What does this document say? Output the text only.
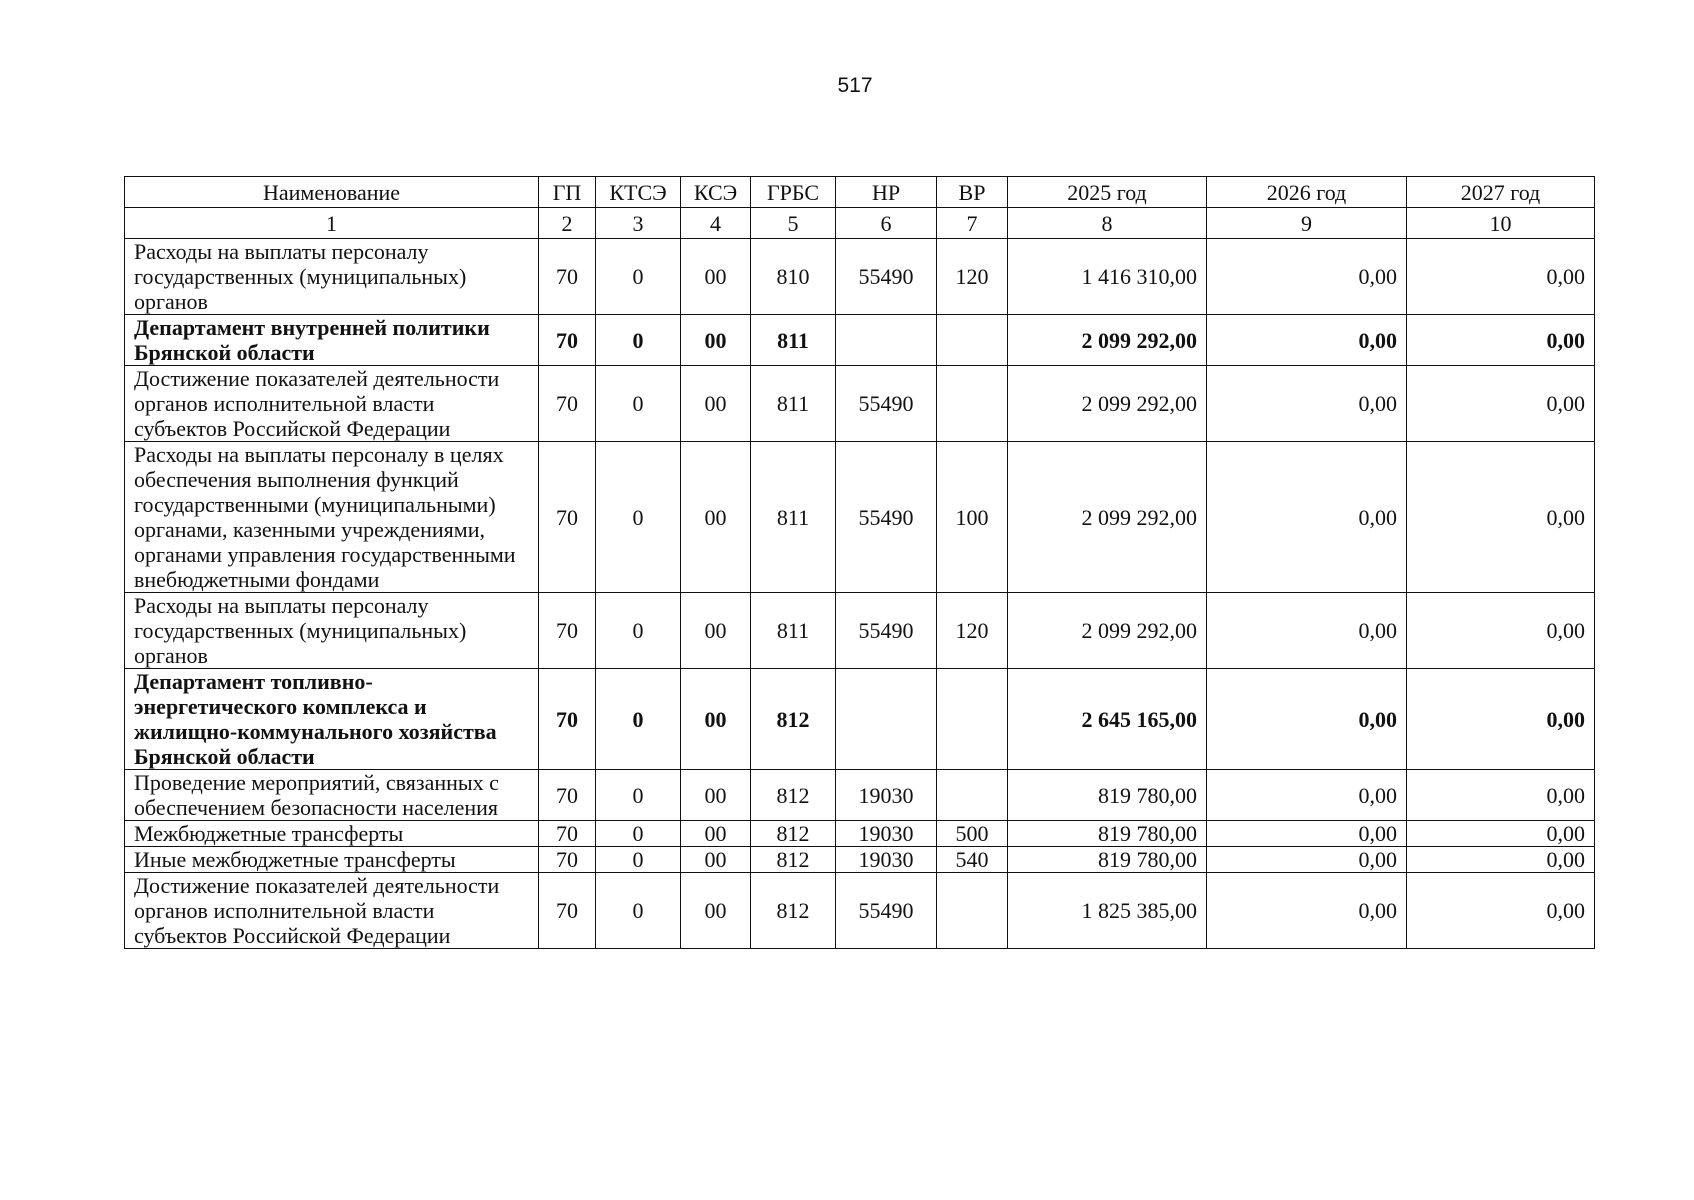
517
Наименование	ГП	КТСЭ	КСЭ	ГРБС	НР	ВР	2025 год	2026 год	2027 год
1	2	3	4	5	6	7	8	9	10
Расходы на выплаты персоналу государственных (муниципальных) органов	70	0	00	810	55490	120	1 416 310,00	0,00	0,00
Департамент внутренней политики Брянской области	70	0	00	811			2 099 292,00	0,00	0,00
Достижение показателей деятельности органов исполнительной власти субъектов Российской Федерации	70	0	00	811	55490		2 099 292,00	0,00	0,00
Расходы на выплаты персоналу в целях обеспечения выполнения функций государственными (муниципальными) органами, казенными учреждениями, органами управления государственными внебюджетными фондами	70	0	00	811	55490	100	2 099 292,00	0,00	0,00
Расходы на выплаты персоналу государственных (муниципальных) органов	70	0	00	811	55490	120	2 099 292,00	0,00	0,00
Департамент топливно-энергетического комплекса и жилищно-коммунального хозяйства Брянской области	70	0	00	812			2 645 165,00	0,00	0,00
Проведение мероприятий, связанных с обеспечением безопасности населения	70	0	00	812	19030		819 780,00	0,00	0,00
Межбюджетные трансферты	70	0	00	812	19030	500	819 780,00	0,00	0,00
Иные межбюджетные трансферты	70	0	00	812	19030	540	819 780,00	0,00	0,00
Достижение показателей деятельности органов исполнительной власти субъектов Российской Федерации	70	0	00	812	55490		1 825 385,00	0,00	0,00
